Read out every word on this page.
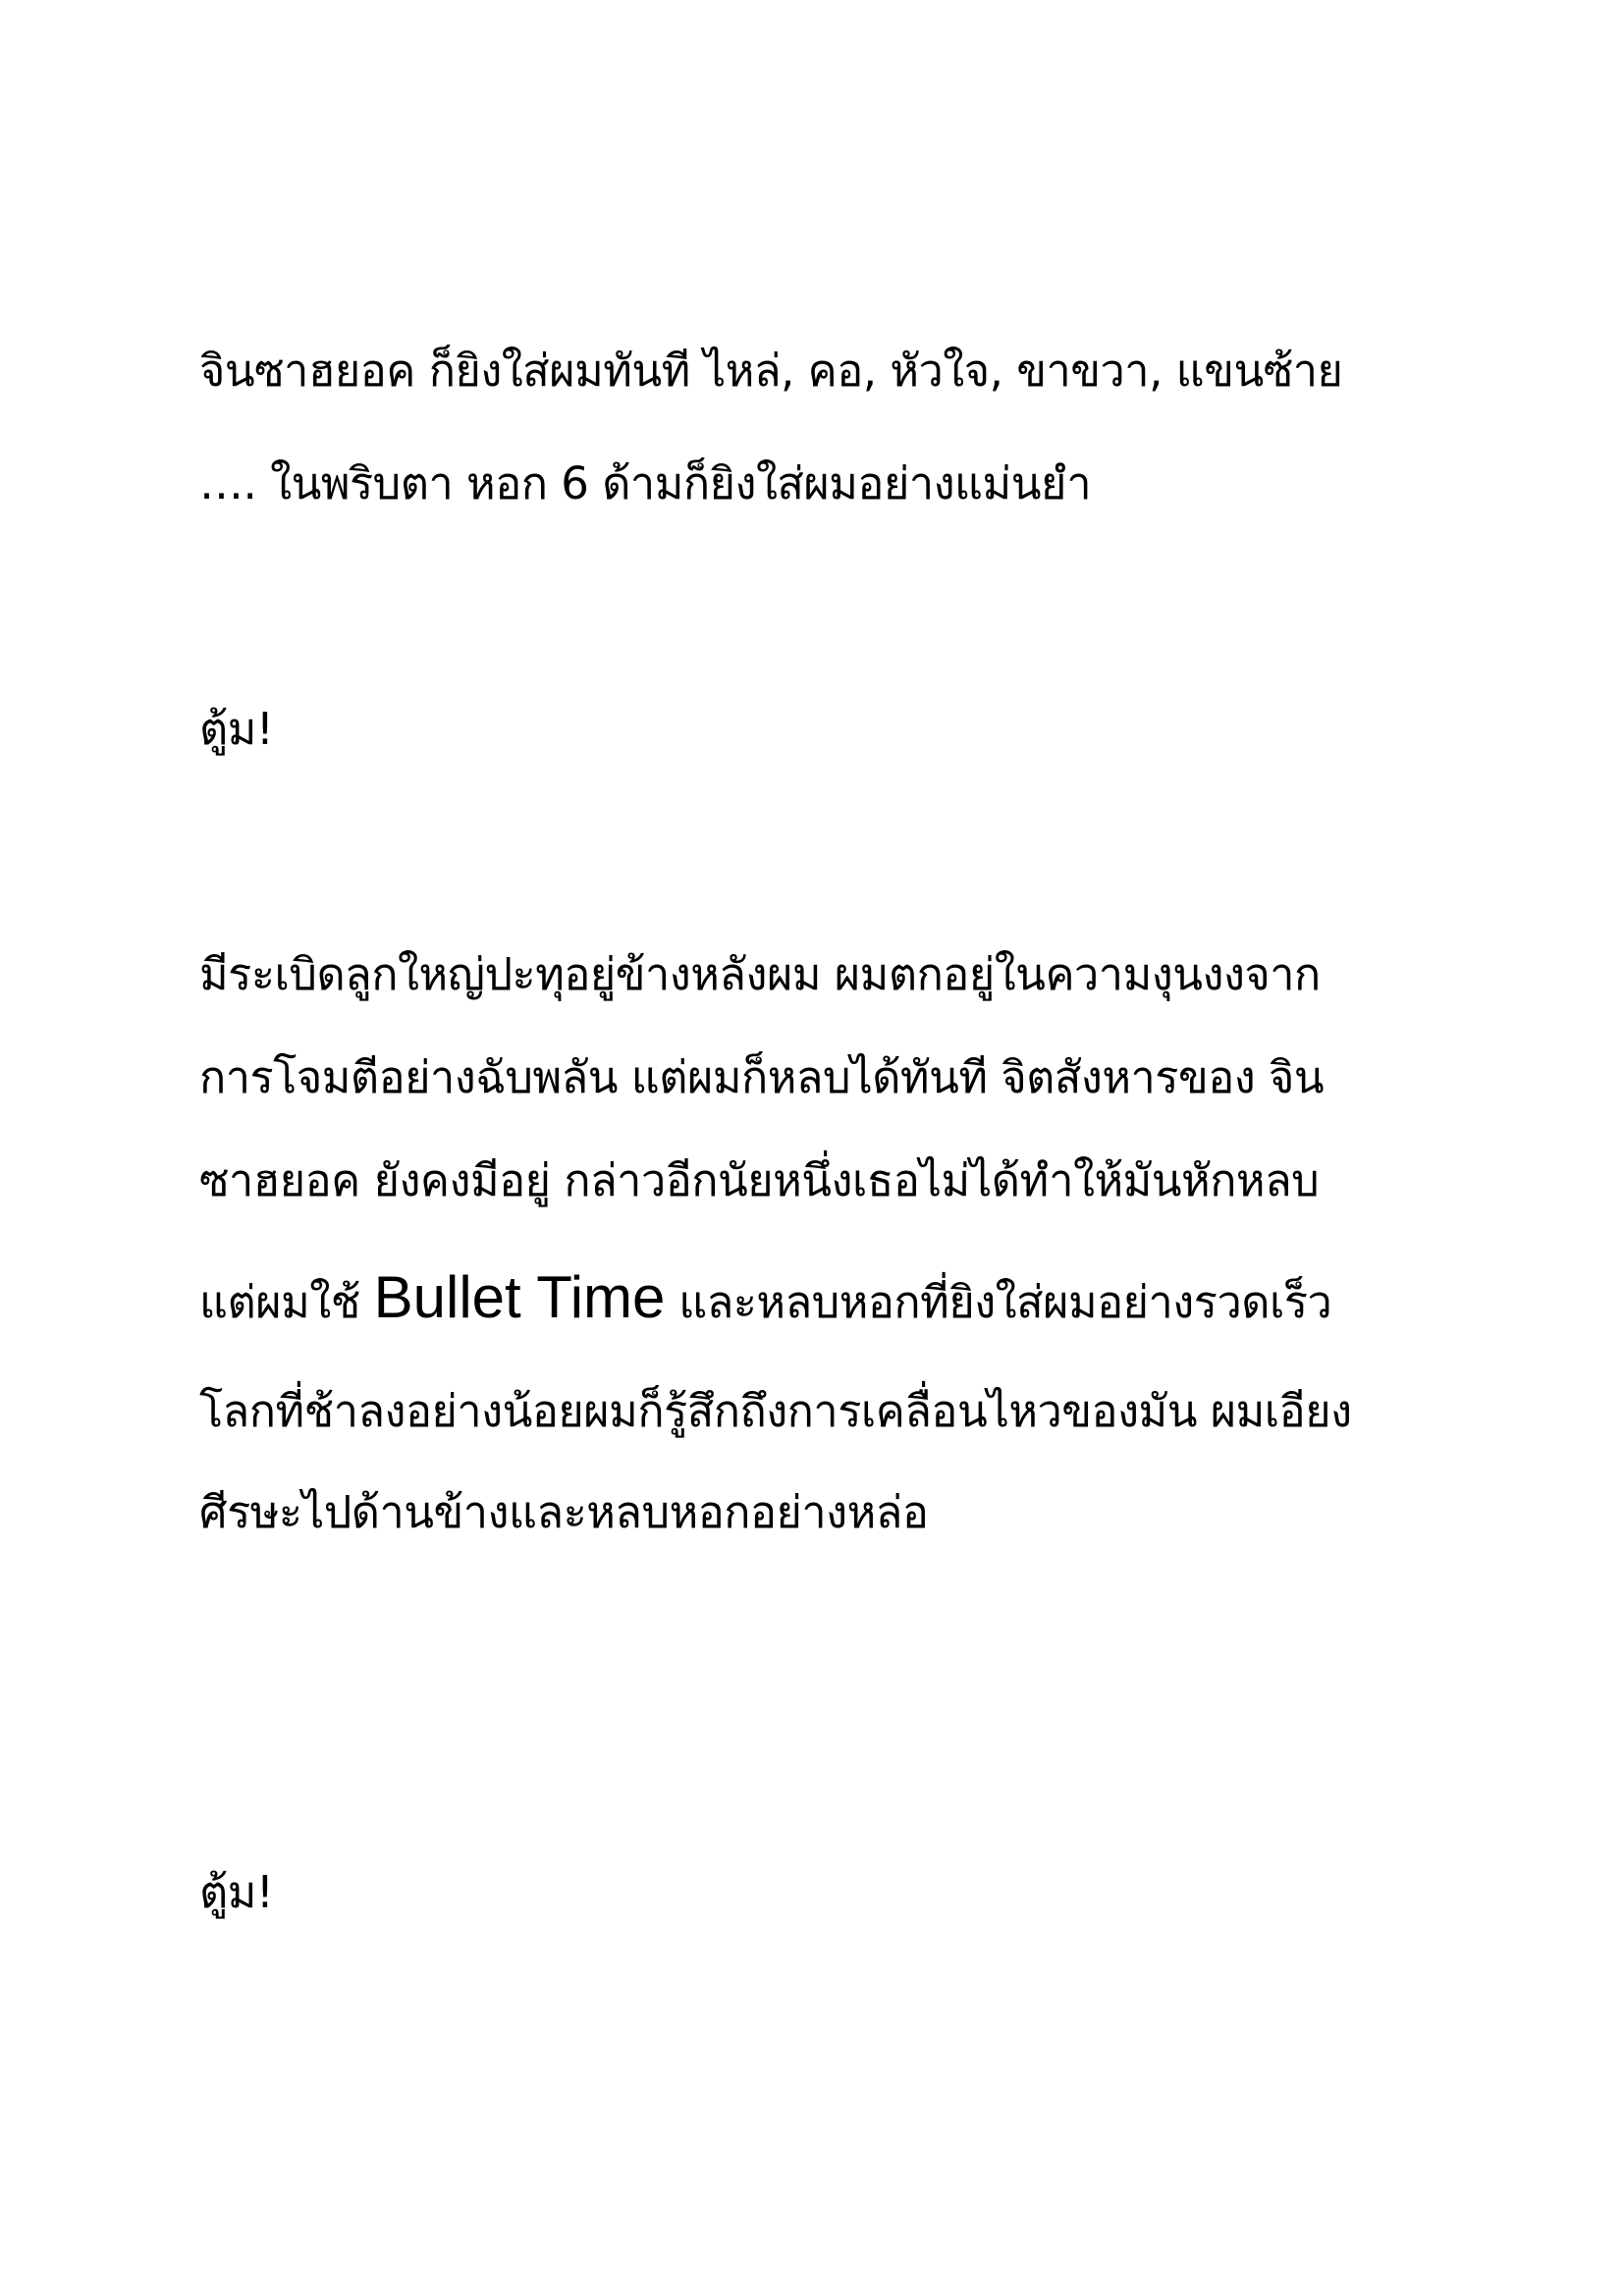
จินซาฮยอค ก็ยิงใส่ผมทันที ไหล่, คอ, หัวใจ, ขาขวา, แขนซ้าย
…. ในพริบตา หอก 6 ด้ามก็ยิงใส่ผมอย่างแม่นยำ
ตู้ม!
มีระเบิดลูกใหญ่ปะทุอยู่ข้างหลังผม ผมตกอยู่ในความงุนงงจาก
การโจมตีอย่างฉับพลัน แต่ผมก็หลบได้ทันที จิตสังหารของ จิน
ซาฮยอค ยังคงมีอยู่ กล่าวอีกนัยหนึ่งเธอไม่ได้ทำให้มันหักหลบ
แต่ผมใช้ Bullet Time และหลบหอกที่ยิงใส่ผมอย่างรวดเร็ว
โลกที่ช้าลงอย่างน้อยผมก็รู้สึกถึงการเคลื่อนไหวของมัน ผมเอียง
ศีรษะไปด้านข้างและหลบหอกอย่างหล่อ
ตู้ม!
